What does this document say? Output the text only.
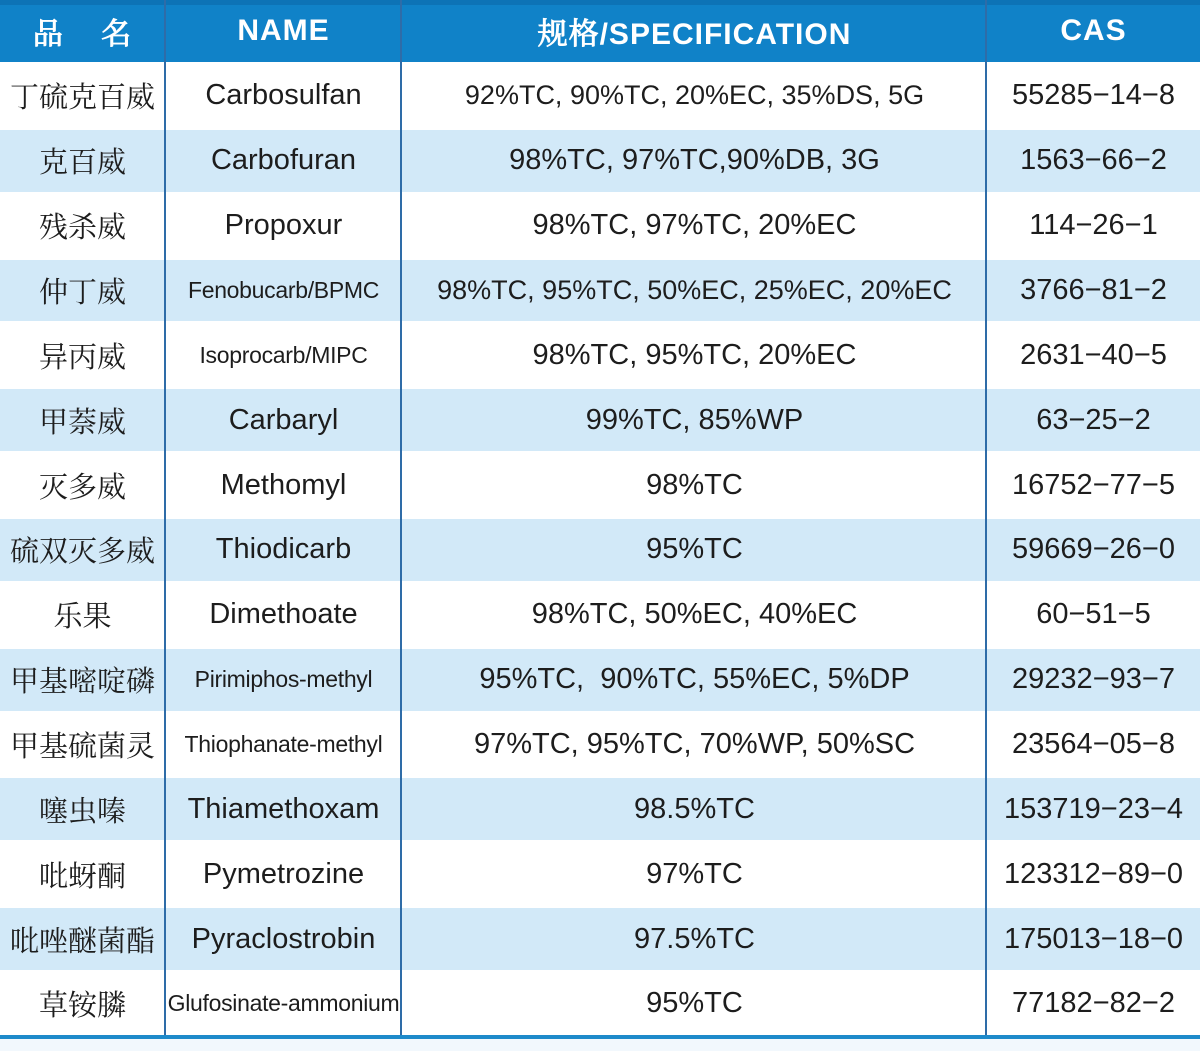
品    名	NAME	规格/SPECIFICATION	CAS
丁硫克百威	Carbosulfan	92%TC, 90%TC, 20%EC, 35%DS, 5G	55285−14−8
克百威	Carbofuran	98%TC, 97%TC,90%DB, 3G	1563−66−2
残杀威	Propoxur	98%TC, 97%TC, 20%EC	114−26−1
仲丁威	Fenobucarb/BPMC	98%TC, 95%TC, 50%EC, 25%EC, 20%EC	3766−81−2
异丙威	Isoprocarb/MIPC	98%TC, 95%TC, 20%EC	2631−40−5
甲萘威	Carbaryl	99%TC, 85%WP	63−25−2
灭多威	Methomyl	98%TC	16752−77−5
硫双灭多威	Thiodicarb	95%TC	59669−26−0
乐果	Dimethoate	98%TC, 50%EC, 40%EC	60−51−5
甲基嘧啶磷	Pirimiphos-methyl	95%TC,  90%TC, 55%EC, 5%DP	29232−93−7
甲基硫菌灵	Thiophanate-methyl	97%TC, 95%TC, 70%WP, 50%SC	23564−05−8
噻虫嗪	Thiamethoxam	98.5%TC	153719−23−4
吡蚜酮	Pymetrozine	97%TC	123312−89−0
吡唑醚菌酯	Pyraclostrobin	97.5%TC	175013−18−0
草铵膦	Glufosinate-ammonium	95%TC	77182−82−2
